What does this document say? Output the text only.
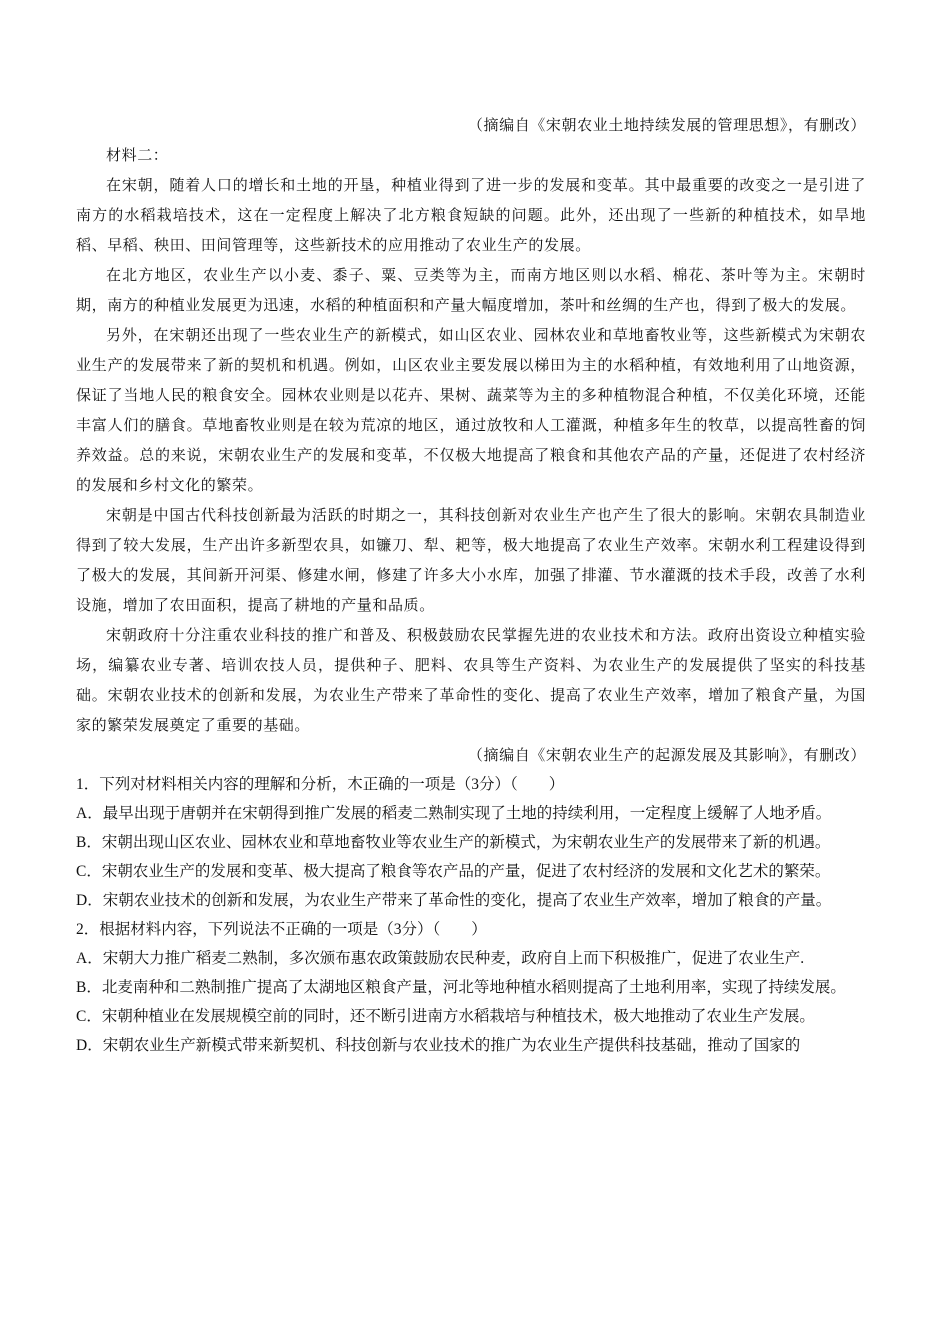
（摘编自《宋朝农业土地持续发展的管理思想》，有删改）

材料二：

在宋朝，随着人口的增长和土地的开垦，种植业得到了进一步的发展和变革。其中最重要的改变之一是引进了南方的水稻栽培技术，这在一定程度上解决了北方粮食短缺的问题。此外，还出现了一些新的种植技术，如旱地稻、早稻、秧田、田间管理等，这些新技术的应用推动了农业生产的发展。

在北方地区，农业生产以小麦、黍子、粟、豆类等为主，而南方地区则以水稻、棉花、茶叶等为主。宋朝时期，南方的种植业发展更为迅速，水稻的种植面积和产量大幅度增加，茶叶和丝绸的生产也，得到了极大的发展。

另外，在宋朝还出现了一些农业生产的新模式，如山区农业、园林农业和草地畜牧业等，这些新模式为宋朝农业生产的发展带来了新的契机和机遇。例如，山区农业主要发展以梯田为主的水稻种植，有效地利用了山地资源，保证了当地人民的粮食安全。园林农业则是以花卉、果树、蔬菜等为主的多种植物混合种植，不仅美化环境，还能丰富人们的膳食。草地畜牧业则是在较为荒凉的地区，通过放牧和人工灌溉，种植多年生的牧草，以提高牲畜的饲养效益。总的来说，宋朝农业生产的发展和变革，不仅极大地提高了粮食和其他农产品的产量，还促进了农村经济的发展和乡村文化的繁荣。

宋朝是中国古代科技创新最为活跃的时期之一，其科技创新对农业生产也产生了很大的影响。宋朝农具制造业得到了较大发展，生产出许多新型农具，如镰刀、犁、耙等，极大地提高了农业生产效率。宋朝水利工程建设得到了极大的发展，其间新开河渠、修建水闸，修建了许多大小水库，加强了排灌、节水灌溉的技术手段，改善了水利设施，增加了农田面积，提高了耕地的产量和品质。

宋朝政府十分注重农业科技的推广和普及、积极鼓励农民掌握先进的农业技术和方法。政府出资设立种植实验场，编纂农业专著、培训农技人员，提供种子、肥料、农具等生产资料、为农业生产的发展提供了坚实的科技基础。宋朝农业技术的创新和发展，为农业生产带来了革命性的变化、提高了农业生产效率，增加了粮食产量，为国家的繁荣发展奠定了重要的基础。

（摘编自《宋朝农业生产的起源发展及其影响》，有删改）

1．下列对材料相关内容的理解和分析，木正确的一项是（3分）（　　）

A．最早出现于唐朝并在宋朝得到推广发展的稻麦二熟制实现了土地的持续利用，一定程度上缓解了人地矛盾。

B．宋朝出现山区农业、园林农业和草地畜牧业等农业生产的新模式，为宋朝农业生产的发展带来了新的机遇。

C．宋朝农业生产的发展和变革、极大提高了粮食等农产品的产量，促进了农村经济的发展和文化艺术的繁荣。

D．宋朝农业技术的创新和发展，为农业生产带来了革命性的变化，提高了农业生产效率，增加了粮食的产量。

2．根据材料内容，下列说法不正确的一项是（3分）（　　）

A．宋朝大力推广稻麦二熟制，多次颁布惠农政策鼓励农民种麦，政府自上而下积极推广，促进了农业生产.

B．北麦南种和二熟制推广提高了太湖地区粮食产量，河北等地种植水稻则提高了土地利用率，实现了持续发展。

C．宋朝种植业在发展规模空前的同时，还不断引进南方水稻栽培与种植技术，极大地推动了农业生产发展。

D．宋朝农业生产新模式带来新契机、科技创新与农业技术的推广为农业生产提供科技基础，推动了国家的
